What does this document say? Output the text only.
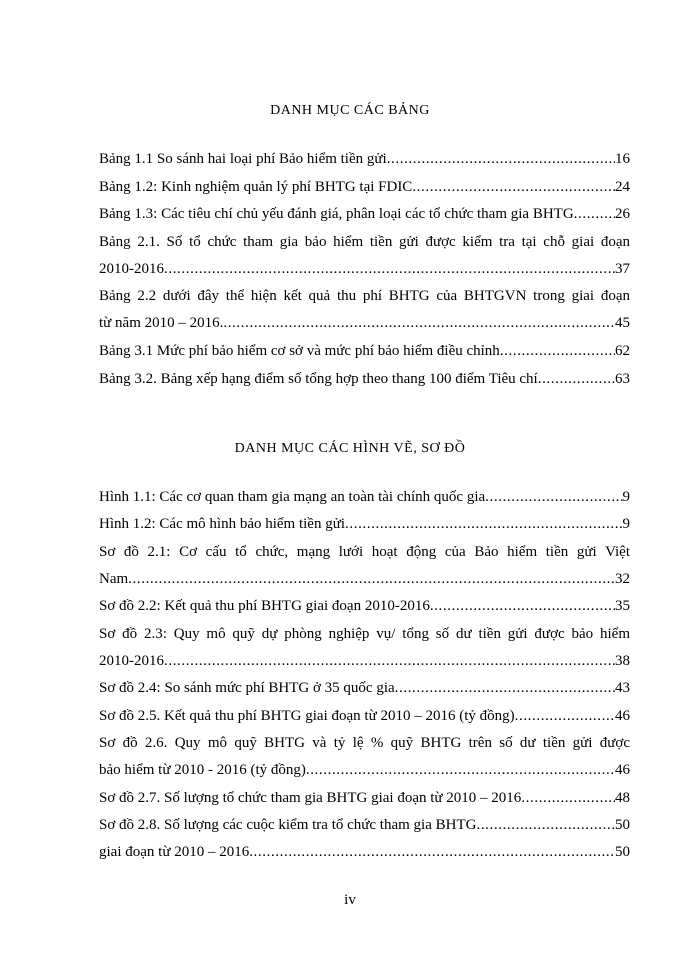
DANH MỤC CÁC BẢNG
Bảng 1.1 So sánh hai loại phí Bảo hiểm tiền gửi .....	16
Bảng 1.2: Kinh nghiệm quản lý phí BHTG tại FDIC .....	24
Bảng 1.3: Các tiêu chí chủ yếu đánh giá, phân loại các tổ chức tham gia BHTG .....	26
Bảng 2.1. Số tổ chức tham gia bảo hiểm tiền gửi được kiểm tra tại chỗ giai đoạn
2010-2016 .....	37
Bảng 2.2 dưới đây thể hiện kết quả thu phí BHTG của BHTGVN trong giai đoạn
từ năm 2010 – 2016. .....	45
Bảng 3.1 Mức phí bảo hiểm cơ sở và mức phí bảo hiểm điều chỉnh .....	62
Bảng 3.2. Bảng xếp hạng điểm số tổng hợp theo thang 100 điểm Tiêu chí .....	63
DANH MỤC CÁC HÌNH VẼ, SƠ ĐỒ
Hình 1.1: Các cơ quan tham gia mạng an toàn tài chính quốc gia .....	9
Hình 1.2: Các mô hình bảo hiểm tiền gửi .....	9
Sơ đồ 2.1: Cơ cấu tổ chức, mạng lưới hoạt động của Bảo hiểm tiền gửi Việt
Nam .....	32
Sơ đồ 2.2: Kết quả thu phí BHTG giai đoạn 2010-2016 .....	35
Sơ đồ 2.3: Quy mô quỹ dự phòng nghiệp vụ/ tổng số dư tiền gửi được bảo hiểm
2010-2016 .....	38
Sơ đồ 2.4: So sánh mức phí BHTG ở 35 quốc gia .....	43
Sơ đồ 2.5. Kết quả thu phí BHTG giai đoạn từ 2010 – 2016 (tỷ đồng) .....	46
Sơ đồ 2.6. Quy mô quỹ BHTG và tỷ lệ % quỹ BHTG trên số dư tiền gửi được
bảo hiểm từ 2010 - 2016 (tỷ đồng) .....	46
Sơ đồ 2.7. Số lượng tổ chức tham gia BHTG giai đoạn từ 2010 – 2016 .....	48
Sơ đồ 2.8. Số lượng các cuộc kiểm tra tổ chức tham gia BHTG .....	50
giai đoạn từ 2010 – 2016 .....	50
iv
